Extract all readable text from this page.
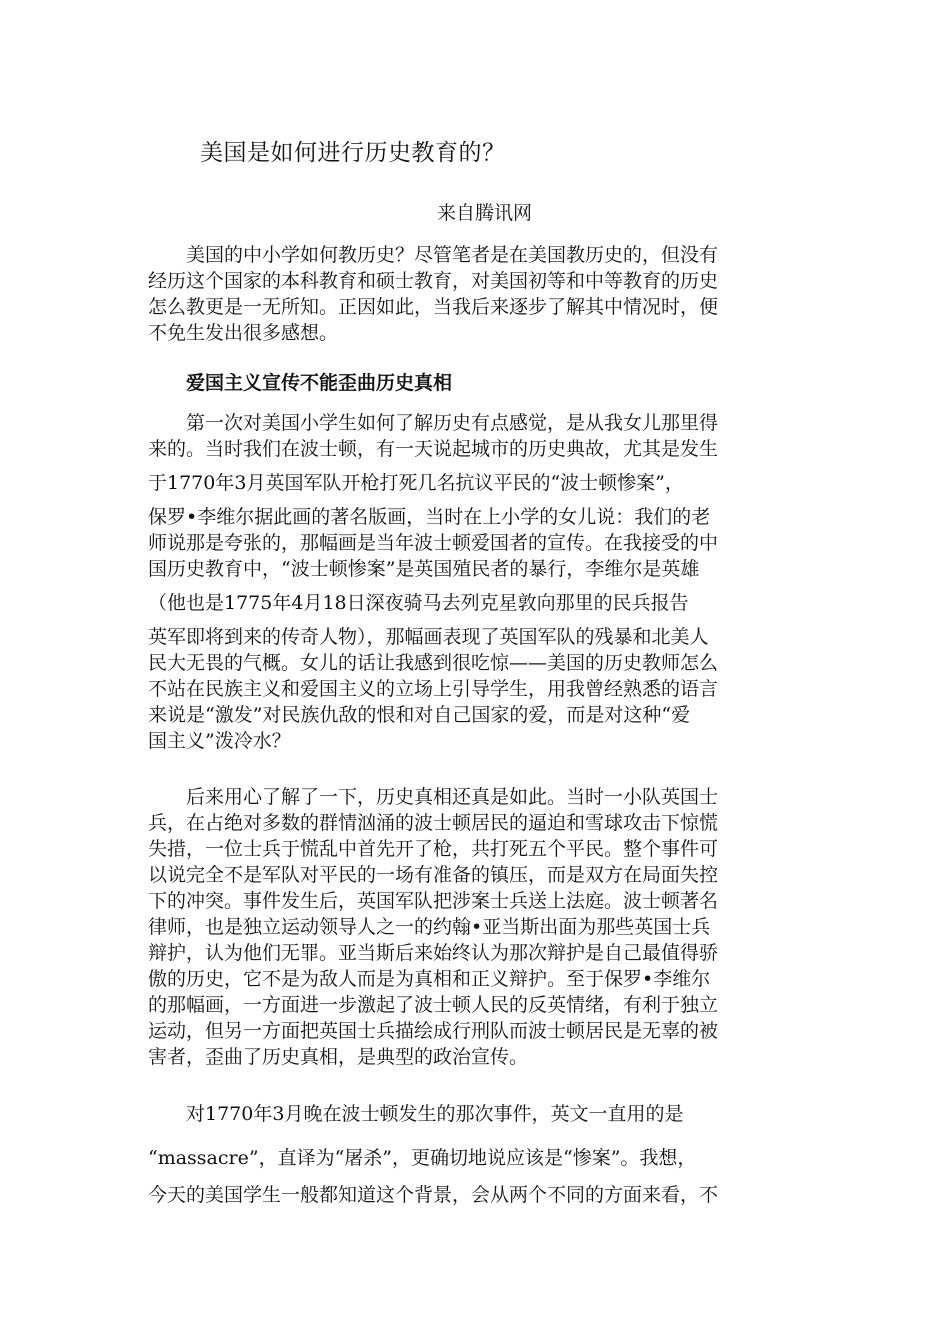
美国是如何进行历史教育的？
来自腾讯网
　　美国的中小学如何教历史？尽管笔者是在美国教历史的，但没有
经历这个国家的本科教育和硕士教育，对美国初等和中等教育的历史
怎么教更是一无所知。正因如此，当我后来逐步了解其中情况时，便
不免生发出很多感想。
爱国主义宣传不能歪曲历史真相
　　第一次对美国小学生如何了解历史有点感觉，是从我女儿那里得
来的。当时我们在波士顿，有一天说起城市的历史典故，尤其是发生
于1770年3月英国军队开枪打死几名抗议平民的“波士顿惨案”，
保罗•李维尔据此画的著名版画，当时在上小学的女儿说：我们的老
师说那是夸张的，那幅画是当年波士顿爱国者的宣传。在我接受的中
国历史教育中，“波士顿惨案”是英国殖民者的暴行，李维尔是英雄
（他也是1775年4月18日深夜骑马去列克星敦向那里的民兵报告
英军即将到来的传奇人物），那幅画表现了英国军队的残暴和北美人
民大无畏的气概。女儿的话让我感到很吃惊——美国的历史教师怎么
不站在民族主义和爱国主义的立场上引导学生，用我曾经熟悉的语言
来说是“激发”对民族仇敌的恨和对自己国家的爱，而是对这种“爱
国主义”泼冷水？
　　后来用心了解了一下，历史真相还真是如此。当时一小队英国士
兵，在占绝对多数的群情汹涌的波士顿居民的逼迫和雪球攻击下惊慌
失措，一位士兵于慌乱中首先开了枪，共打死五个平民。整个事件可
以说完全不是军队对平民的一场有准备的镇压，而是双方在局面失控
下的冲突。事件发生后，英国军队把涉案士兵送上法庭。波士顿著名
律师，也是独立运动领导人之一的约翰•亚当斯出面为那些英国士兵
辩护，认为他们无罪。亚当斯后来始终认为那次辩护是自己最值得骄
傲的历史，它不是为敌人而是为真相和正义辩护。至于保罗•李维尔
的那幅画，一方面进一步激起了波士顿人民的反英情绪，有利于独立
运动，但另一方面把英国士兵描绘成行刑队而波士顿居民是无辜的被
害者，歪曲了历史真相，是典型的政治宣传。
　　对1770年3月晚在波士顿发生的那次事件，英文一直用的是
“massacre”，直译为“屠杀”，更确切地说应该是“惨案”。我想，
今天的美国学生一般都知道这个背景，会从两个不同的方面来看，不
